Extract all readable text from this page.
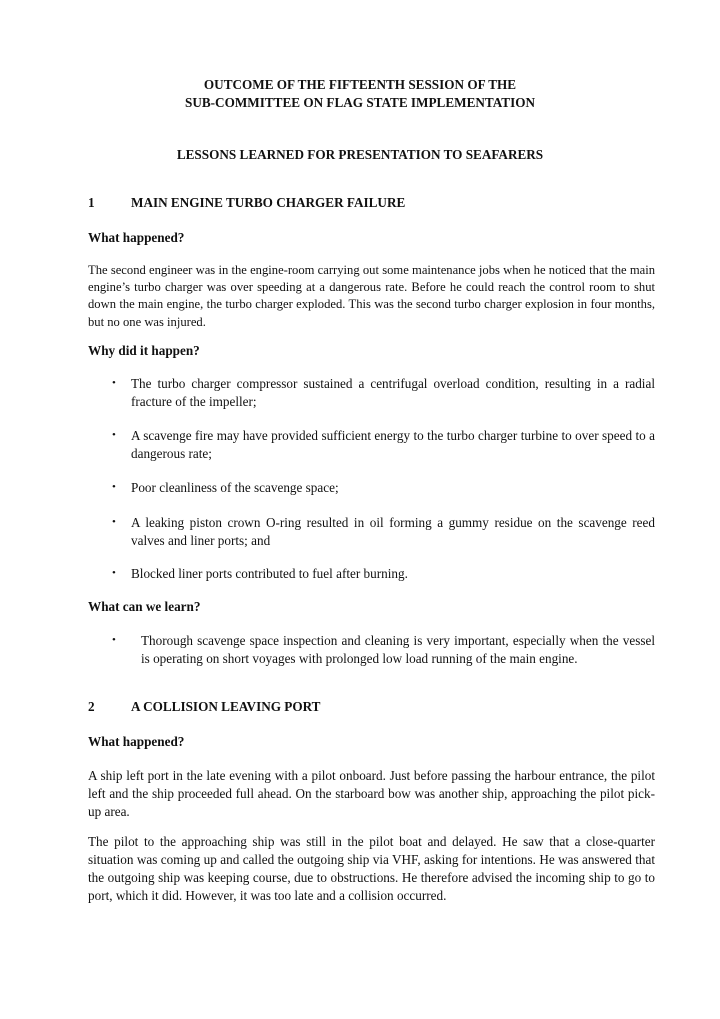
OUTCOME OF THE FIFTEENTH SESSION OF THE
SUB-COMMITTEE ON FLAG STATE IMPLEMENTATION
LESSONS LEARNED FOR PRESENTATION TO SEAFARERS
1	MAIN ENGINE TURBO CHARGER FAILURE
What happened?
The second engineer was in the engine-room carrying out some maintenance jobs when he noticed that the main engine’s turbo charger was over speeding at a dangerous rate. Before he could reach the control room to shut down the main engine, the turbo charger exploded. This was the second turbo charger explosion in four months, but no one was injured.
Why did it happen?
• The turbo charger compressor sustained a centrifugal overload condition, resulting in a radial fracture of the impeller;
• A scavenge fire may have provided sufficient energy to the turbo charger turbine to over speed to a dangerous rate;
• Poor cleanliness of the scavenge space;
• A leaking piston crown O-ring resulted in oil forming a gummy residue on the scavenge reed valves and liner ports; and
• Blocked liner ports contributed to fuel after burning.
What can we learn?
• Thorough scavenge space inspection and cleaning is very important, especially when the vessel is operating on short voyages with prolonged low load running of the main engine.
2	A COLLISION LEAVING PORT
What happened?
A ship left port in the late evening with a pilot onboard. Just before passing the harbour entrance, the pilot left and the ship proceeded full ahead. On the starboard bow was another ship, approaching the pilot pick-up area.
The pilot to the approaching ship was still in the pilot boat and delayed. He saw that a close-quarter situation was coming up and called the outgoing ship via VHF, asking for intentions. He was answered that the outgoing ship was keeping course, due to obstructions. He therefore advised the incoming ship to go to port, which it did. However, it was too late and a collision occurred.
